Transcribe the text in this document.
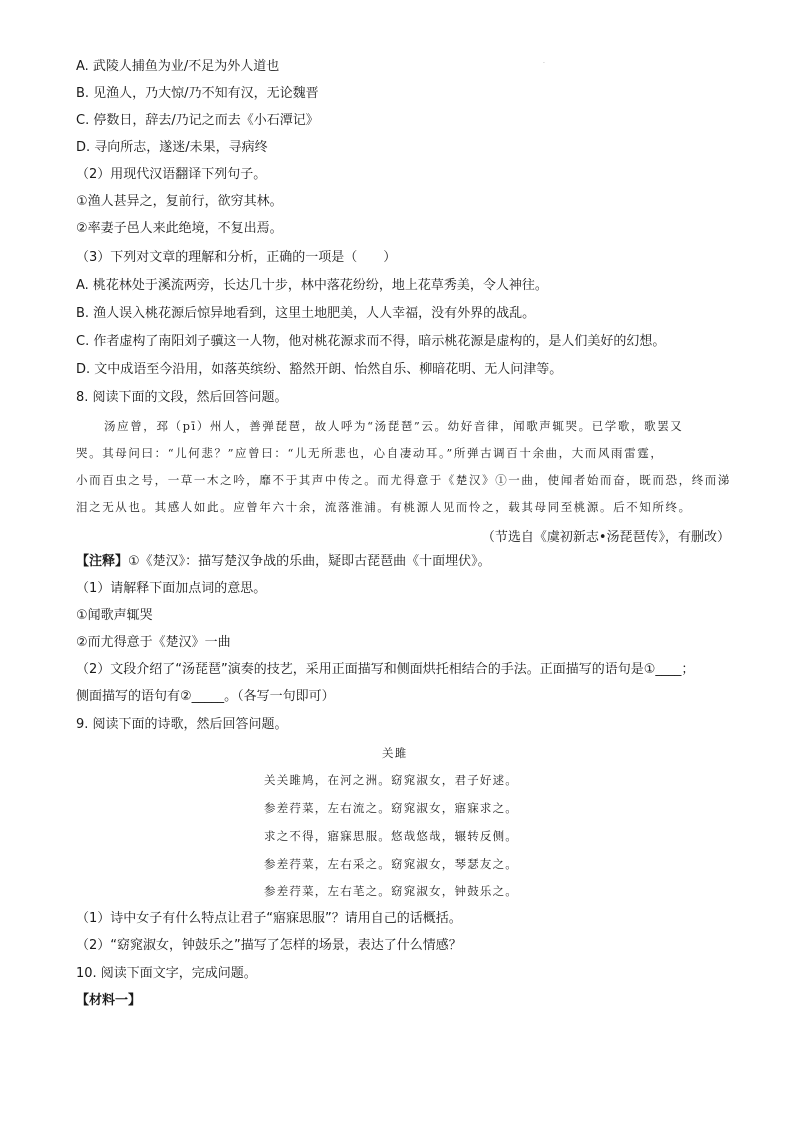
·
A. 武陵人捕鱼为业/不足为外人道也
B. 见渔人，乃大惊/乃不知有汉，无论魏晋
C. 停数日，辞去/乃记之而去《小石潭记》
D. 寻向所志，遂迷/未果，寻病终
（2）用现代汉语翻译下列句子。
①渔人甚异之，复前行，欲穷其林。
②率妻子邑人来此绝境，不复出焉。
（3）下列对文章的理解和分析，正确的一项是（　　）
A. 桃花林处于溪流两旁，长达几十步，林中落花纷纷，地上花草秀美，令人神往。
B. 渔人误入桃花源后惊异地看到，这里土地肥美，人人幸福，没有外界的战乱。
C. 作者虚构了南阳刘子骥这一人物，他对桃花源求而不得，暗示桃花源是虚构的，是人们美好的幻想。
D. 文中成语至今沿用，如落英缤纷、豁然开朗、怡然自乐、柳暗花明、无人问津等。
8. 阅读下面的文段，然后回答问题。
汤应曾，邳（pī）州人，善弹琵琶，故人呼为“汤琵琶”云。幼好音律，闻歌声辄哭。已学歌，歌罢又
哭。其母问曰：“儿何悲？”应曾曰：“儿无所悲也，心自凄动耳。”所弹古调百十余曲，大而风雨雷霆，
小而百虫之号，一草一木之吟，靡不于其声中传之。而尤得意于《楚汉》①一曲，使闻者始而奋，既而恐，终而涕
泪之无从也。其感人如此。应曾年六十余，流落淮浦。有桃源人见而怜之，载其母同至桃源。后不知所终。
（节选自《虞初新志•汤琵琶传》，有删改）
【注释】①《楚汉》：描写楚汉争战的乐曲，疑即古琵琶曲《十面埋伏》。
（1）请解释下面加点词的意思。
①闻歌声辄哭
②而尤得意于《楚汉》一曲
（2）文段介绍了“汤琵琶”演奏的技艺，采用正面描写和侧面烘托相结合的手法。正面描写的语句是①____；
侧面描写的语句有②_____。（各写一句即可）
9. 阅读下面的诗歌，然后回答问题。
关雎
关关雎鸠，在河之洲。窈窕淑女，君子好逑。
参差荇菜，左右流之。窈窕淑女，寤寐求之。
求之不得，寤寐思服。悠哉悠哉，辗转反侧。
参差荇菜，左右采之。窈窕淑女，琴瑟友之。
参差荇菜，左右芼之。窈窕淑女，钟鼓乐之。
（1）诗中女子有什么特点让君子“寤寐思服”？请用自己的话概括。
（2）“窈窕淑女，钟鼓乐之”描写了怎样的场景，表达了什么情感？
10. 阅读下面文字，完成问题。
【材料一】
